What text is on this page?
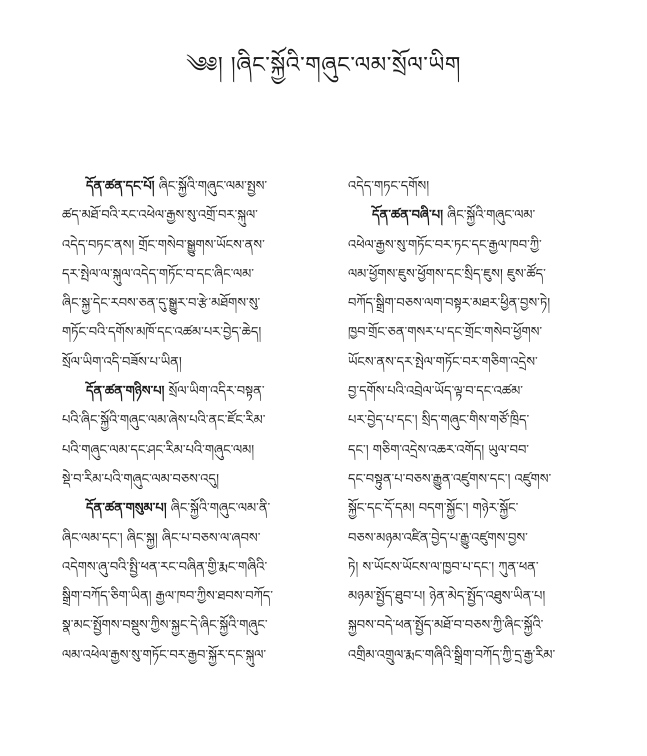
༄༅། །ཞིང་སྐྱོའི་གཞུང་ལམ་སྲོལ་ཡིག
དོན་ཚན་དང་པོ། ཞིང་སྐྱོའི་གཞུང་ལམ་སྤྱས་
ཚད་མཐོ་བའི་རང་འཕེལ་རྒྱས་སུ་འགྲོ་བར་སྐུལ་
འདེད་བཏང་ནས། གྲོང་གསེབ་སྒྱུགས་ཡོངས་ནས་
དར་སྤེལ་ལ་སྐུལ་འདེད་གཏོང་བ་དང་ཞིང་ལམ་
ཞིང་སྐྱ་དེང་རབས་ཅན་དུ་སྒྱུར་བ་རྩེ་མཐོགས་སུ་
གཏོང་བའི་དགོས་མཁོ་དང་འཚམ་པར་བྱེད་ཆེད།
སྲོལ་ཡིག་འདི་བཟོས་པ་ཡིན།
དོན་ཚན་གཉིས་པ། སྲོལ་ཡིག་འདིར་བསྟན་
པའི་ཞིང་སྐྱོའི་གཞུང་ལམ་ཞེས་པའི་ནང་ཛོང་རིམ་
པའི་གཞུང་ལམ་དང་ཤང་རིམ་པའི་གཞུང་ལམ།
སྡེ་བ་རིམ་པའི་གཞུང་ལམ་བཅས་འདུ།
དོན་ཚན་གསུམ་པ། ཞིང་སྐྱོའི་གཞུང་ལམ་ནི་
ཞིང་ལམ་དང་། ཞིང་སྐྱ། ཞིང་པ་བཅས་ལ་ཞབས་
འདེགས་ཞུ་བའི་སྤྱི་ཕན་རང་བཞིན་གྱི་རྨང་གཞིའི་
སྒྲིག་བཀོད་ཅིག་ཡིན། རྒྱལ་ཁབ་ཀྱིས་ཐབས་བཀོད་
སྣ་མང་སྤྱོགས་བསྡུས་ཀྱིས་སྐྱང་དེ་ཞིང་སྐྱོའི་གཞུང་
ལམ་འཕེལ་རྒྱས་སུ་གཏོང་བར་རྒྱབ་སྐྱོར་དང་སྐུལ་
འདེད་གཏང་དགོས།
དོན་ཚན་བཞི་པ། ཞིང་སྐྱོའི་གཞུང་ལམ་
འཕེལ་རྒྱས་སུ་གཏོང་བར་ཏང་དང་རྒྱལ་ཁབ་ཀྱི་
ལམ་ཕྱོགས་ཇུས་ཕྱོགས་དང་སྲིད་ཇུས། ཇུས་ཚོད་
བཀོད་སྒྲིག་བཅས་ལག་བསྟར་མཐར་ཕྱིན་བྱས་ཏེ།
ཁྱབ་གྲོང་ཅན་གསར་པ་དང་གྲོང་གསེབ་ཕྱོགས་
ཡོངས་ནས་དར་སྤེལ་གཏོང་བར་གཅིག་འདྲེས་
བྱ་དགོས་པའི་འབྲེལ་ཡོད་ལྟ་བ་དང་འཚམ་
པར་བྱེད་པ་དང་། སྲིད་གཞུང་གིས་གཙོ་ཁྲིད་
དང་། གཅིག་འདྲེས་འཆར་འགོད། ཡུལ་བབ་
དང་བསྟུན་པ་བཅས་རྒྱུན་འཛུགས་དང་། འཛུགས་
སྐྱོང་དང་དོ་དམ། བདག་སྐྱོང་། གཉེར་སྐྱོང་
བཅས་མཉམ་འཛིན་བྱེད་པ་རྒྱུ་འཛུགས་བྱས་
ཏེ། ས་ཡོངས་ཡོངས་ལ་ཁྱབ་པ་དང་། ཀུན་ཕན་
མཉམ་སྤྱོད་ཐུབ་པ། ཉེན་མེད་སྤྱོད་འཐུས་ཡིན་པ།
སྐྱབས་བདེ་ཕན་སྤྱོད་མཐོ་བ་བཅས་ཀྱི་ཞིང་སྐྱོའི་
འགྲིམ་འགྲུལ་རྨང་གཞིའི་སྒྲིག་བཀོད་ཀྱི་དྲ་རྒྱ་རིམ་
